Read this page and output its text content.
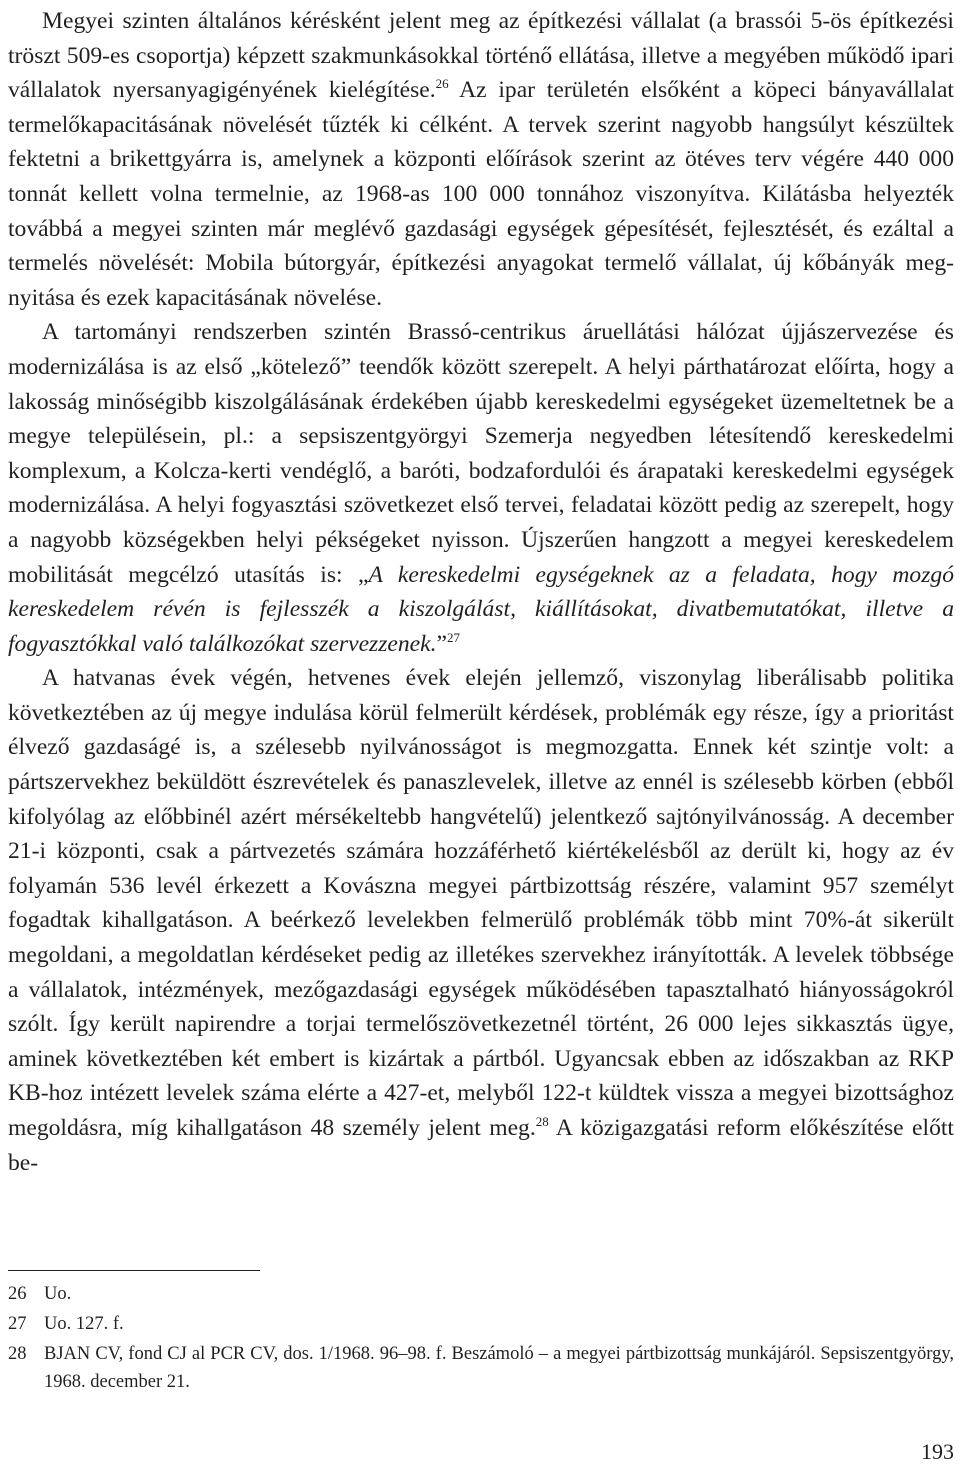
Megyei szinten általános kérésként jelent meg az építkezési vállalat (a brassói 5-ös építkezési tröszt 509-es csoportja) képzett szakmunkásokkal történő ellátása, illetve a megyében működő ipari vállalatok nyersanyagigényének kielégítése.$^{26}$ Az ipar területén elsőként a köpeci bányavállalat termelőkapacitásának növelését tűzték ki célként. A tervek szerint nagyobb hangsúlyt készültek fektetni a brikettgyárra is, amelynek a központi előírások szerint az ötéves terv végére 440 000 tonnát kellett volna termelnie, az 1968-as 100 000 tonnához viszonyítva. Kilátásba helyezték továbbá a megyei szinten már meglévő gazdasági egységek gépesítését, fejlesztését, és ezáltal a termelés növelését: Mobila bútorgyár, építkezési anyagokat termelő vállalat, új kőbányák megnyitása és ezek kapacitásának növelése.

A tartományi rendszerben szintén Brassó-centrikus áruellátási hálózat újjászervezése és modernizálása is az első „kötelező” teendők között szerepelt. A helyi párthatározat előírta, hogy a lakosság minőségibb kiszolgálásának érdekében újabb kereskedelmi egységeket üzemeltetnek be a megye településein, pl.: a sepsiszentgyörgyi Szemerja negyedben létesítendő kereskedelmi komplexum, a Kolcza-kerti vendéglő, a baróti, bodzafordulói és árapataki kereskedelmi egységek modernizálása. A helyi fogyasztási szövetkezet első tervei, feladatai között pedig az szerepelt, hogy a nagyobb községekben helyi pékségeket nyisson. Újszerűen hangzott a megyei kereskedelem mobilitását megcélzó utasítás is: „A kereskedelmi egységeknek az a feladata, hogy mozgó kereskedelem révén is fejlesszék a kiszolgálást, kiállításokat, divatbemutatókat, illetve a fogyasztókkal való találkozókat szervezzenek.”$^{27}$

A hatvanas évek végén, hetvenes évek elején jellemző, viszonylag liberálisabb politika következtében az új megye indulása körül felmerült kérdések, problémák egy része, így a prioritást élvező gazdaságé is, a szélesebb nyilvánosságot is megmozgatta. Ennek két szintje volt: a pártszervekhez beküldött észrevételek és panaszlevelek, illetve az ennél is szélesebb körben (ebből kifolyólag az előbbinél azért mérsékeltebb hangvételű) jelentkező sajtónyilvánosság. A december 21-i központi, csak a pártvezetés számára hozzáférhető kiértékelésből az derült ki, hogy az év folyamán 536 levél érkezett a Kovászna megyei pártbizottság részére, valamint 957 személyt fogadtak kihallgatáson. A beérkező levelekben felmerülő problémák több mint 70%-át sikerült megoldani, a megoldatlan kérdéseket pedig az illetékes szervekhez irányították. A levelek többsége a vállalatok, intézmények, mezőgazdasági egységek működésében tapasztalható hiányosságokról szólt. Így került napirendre a torjai termelőszövetkezetnél történt, 26 000 lejes sikkasztás ügye, aminek következtében két embert is kizártak a pártból. Ugyancsak ebben az időszakban az RKP KB-hoz intézett levelek száma elérte a 427-et, melyből 122-t küldtek vissza a megyei bizottsághoz megoldásra, míg kihallgatáson 48 személy jelent meg.$^{28}$ A közigazgatási reform előkészítése előtt be-

26 Uo.
27 Uo. 127. f.
28 BJAN CV, fond CJ al PCR CV, dos. 1/1968. 96–98. f. Beszámoló – a megyei pártbizottság munkájáról. Sepsiszentgyörgy, 1968. december 21.
193
